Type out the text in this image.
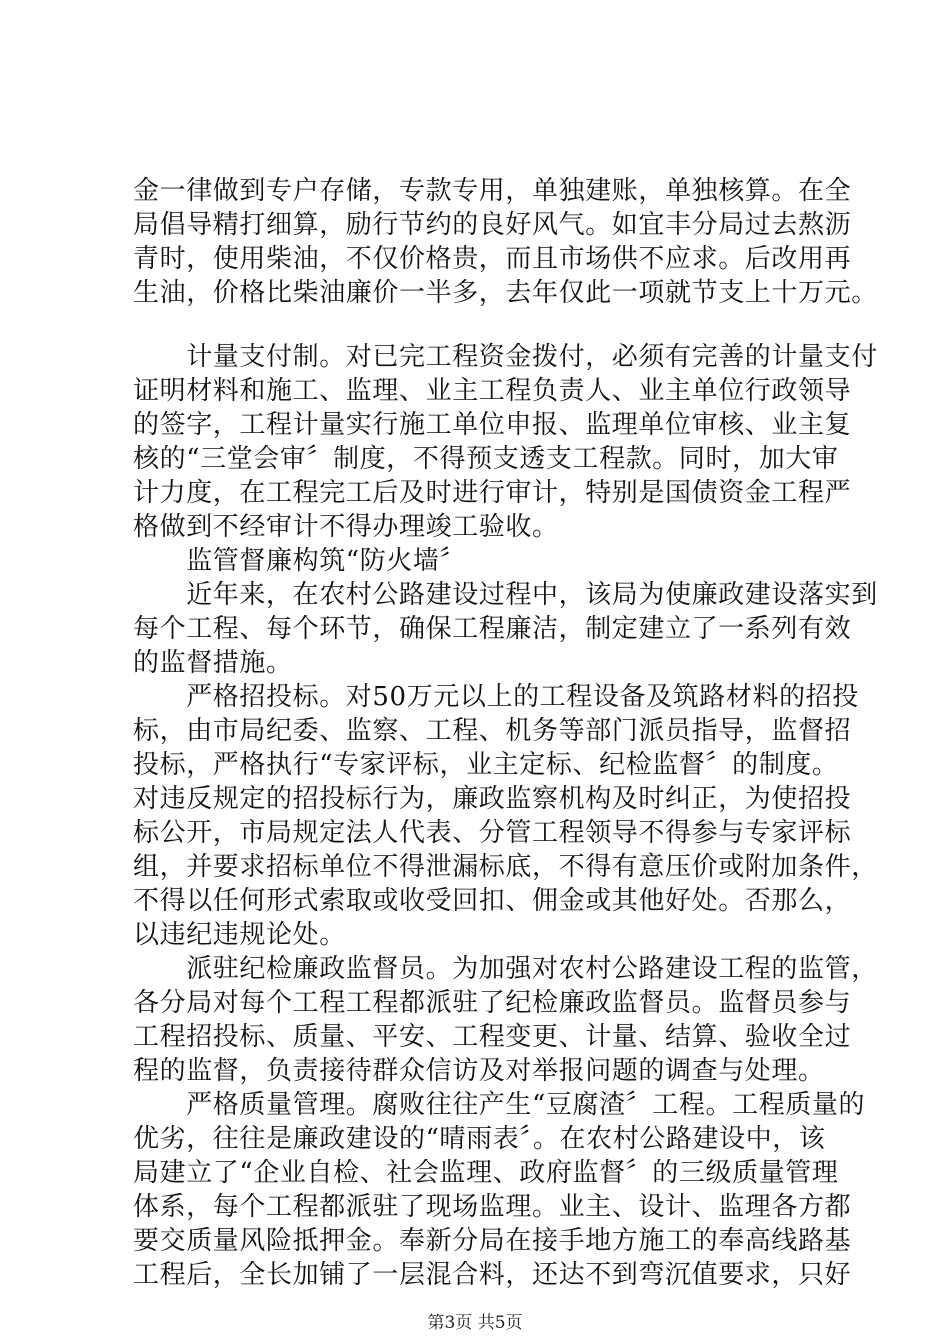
金一律做到专户存储，专款专用，单独建账，单独核算。在全
局倡导精打细算，励行节约的良好风气。如宜丰分局过去熬沥
青时，使用柴油，不仅价格贵，而且市场供不应求。后改用再
生油，价格比柴油廉价一半多，去年仅此一项就节支上十万元。
　　计量支付制。对已完工程资金拨付，必须有完善的计量支付
证明材料和施工、监理、业主工程负责人、业主单位行政领导
的签字，工程计量实行施工单位申报、监理单位审核、业主复
核的“三堂会审〞制度，不得预支透支工程款。同时，加大审
计力度，在工程完工后及时进行审计，特别是国债资金工程严
格做到不经审计不得办理竣工验收。
　　监管督廉构筑“防火墙〞
　　近年来，在农村公路建设过程中，该局为使廉政建设落实到
每个工程、每个环节，确保工程廉洁，制定建立了一系列有效
的监督措施。
　　严格招投标。对50万元以上的工程设备及筑路材料的招投
标，由市局纪委、监察、工程、机务等部门派员指导，监督招
投标，严格执行“专家评标，业主定标、纪检监督〞的制度。
对违反规定的招投标行为，廉政监察机构及时纠正，为使招投
标公开，市局规定法人代表、分管工程领导不得参与专家评标
组，并要求招标单位不得泄漏标底，不得有意压价或附加条件，
不得以任何形式索取或收受回扣、佣金或其他好处。否那么，
以违纪违规论处。
　　派驻纪检廉政监督员。为加强对农村公路建设工程的监管，
各分局对每个工程工程都派驻了纪检廉政监督员。监督员参与
工程招投标、质量、平安、工程变更、计量、结算、验收全过
程的监督，负责接待群众信访及对举报问题的调查与处理。
　　严格质量管理。腐败往往产生“豆腐渣〞工程。工程质量的
优劣，往往是廉政建设的“晴雨表〞。在农村公路建设中，该
局建立了“企业自检、社会监理、政府监督〞的三级质量管理
体系，每个工程都派驻了现场监理。业主、设计、监理各方都
要交质量风险抵押金。奉新分局在接手地方施工的奉高线路基
工程后，全长加铺了一层混合料，还达不到弯沉值要求，只好
第3页 共5页
